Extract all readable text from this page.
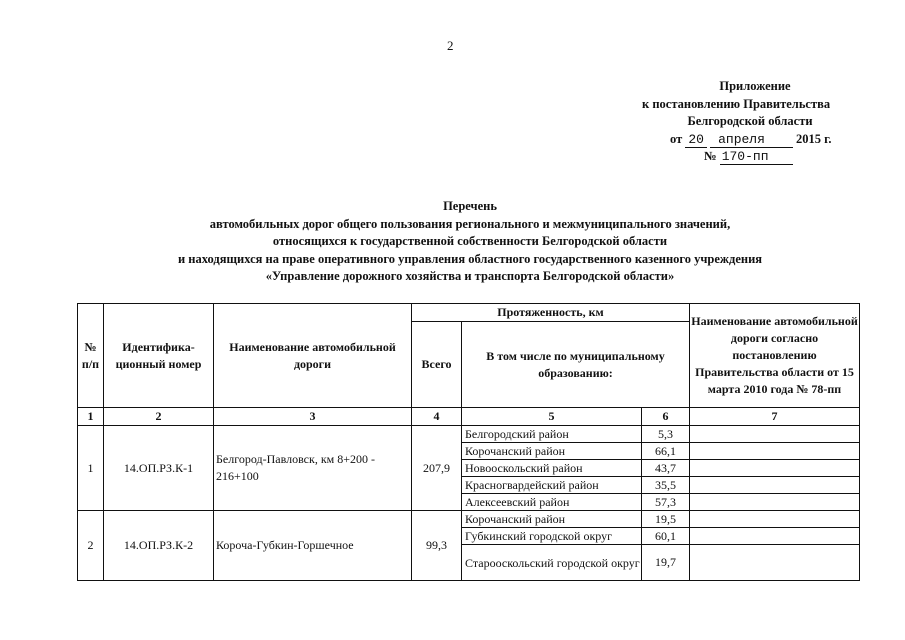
2
Приложение
к постановлению Правительства
Белгородской области
от 20 апреля 2015 г.
№ 170-пп
Перечень
автомобильных дорог общего пользования регионального и межмуниципального значений,
относящихся к государственной собственности Белгородской области
и находящихся на праве оперативного управления областного государственного казенного учреждения
«Управление дорожного хозяйства и транспорта Белгородской области»
№ п/п	Идентифика- ционный номер	Наименование автомобильной дороги	Протяженность, км			Наименование автомобильной дороги согласно постановлению Правительства области от 15 марта 2010 года № 78-пп
			Всего	В том числе по муниципальному образованию:		
1	2	3	4	5	6	7
1	14.ОП.РЗ.К-1	Белгород-Павловск, км 8+200 - 216+100	207,9	Белгородский район	5,3	
				Корочанский район	66,1	
				Новооскольский район	43,7	
				Красногвардейский район	35,5	
				Алексеевский район	57,3	
2	14.ОП.РЗ.К-2	Короча-Губкин-Горшечное	99,3	Корочанский район	19,5	
				Губкинский городской округ	60,1	
				Старооскольский городской округ	19,7	
